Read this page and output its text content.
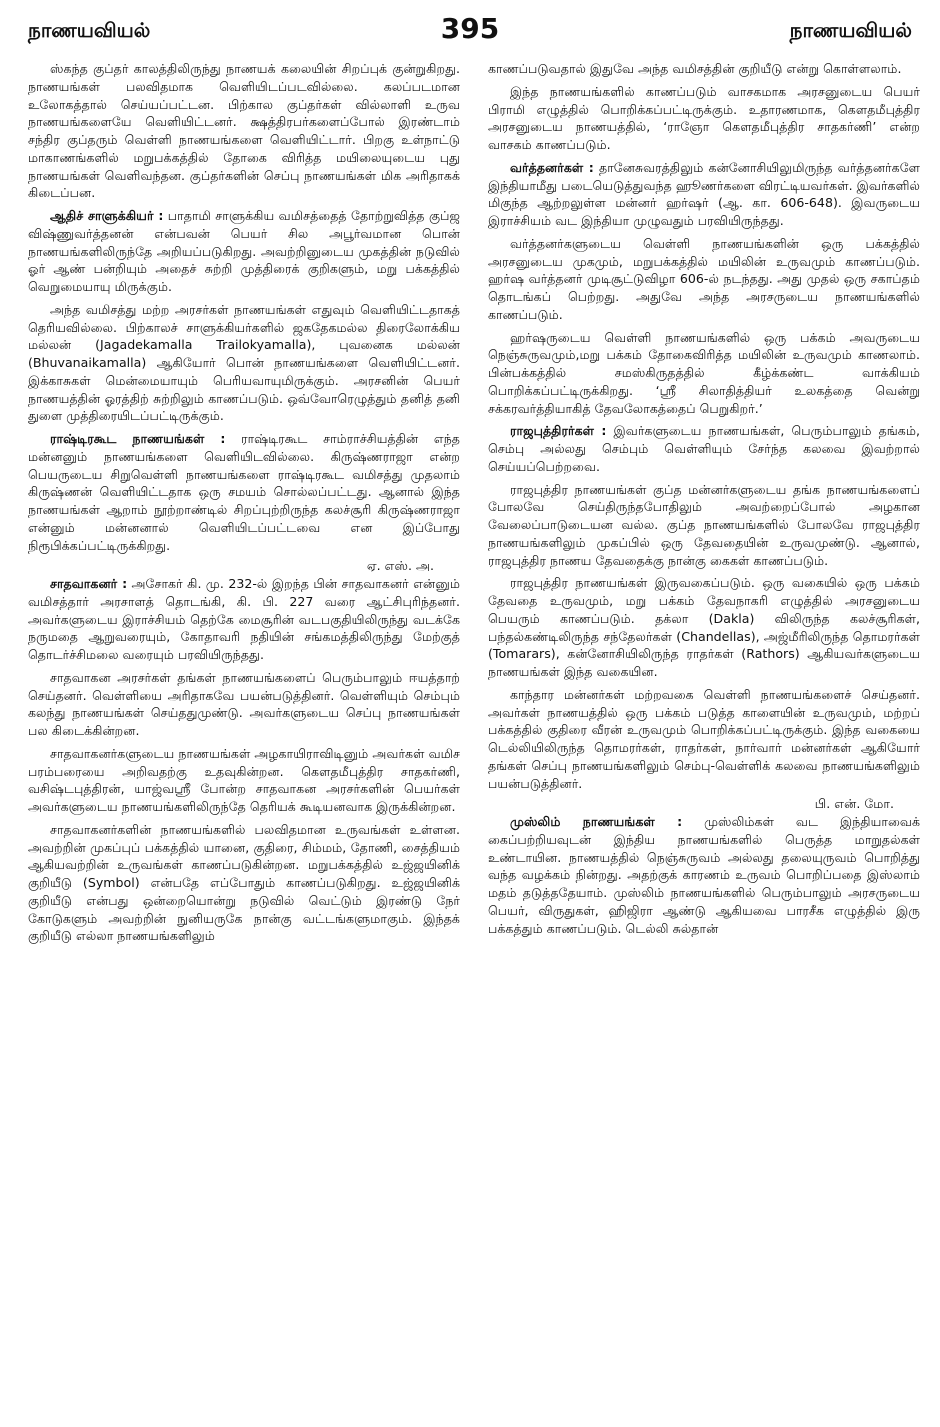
நாணயவியல்	395	நாணயவியல்

ஸ்கந்த குப்தர் காலத்திலிருந்து நாணயக் கலையின் சிறப்புக் குன்றுகிறது. நாணயங்கள் பலவிதமாக வெளியிடப்படவில்லை. கலப்படமான உலோகத்தால் செய்யப்பட்டன. பிற்கால குப்தர்கள் வில்லாளி உருவ நாணயங்களையே வெளியிட்டனர். க்ஷத்திரபர்களைப்போல் இரண்டாம் சந்திர குப்தரும் வெள்ளி நாணயங்களை வெளியிட்டார். பிறகு உள்நாட்டு மாகாணங்களில் மறுபக்கத்தில் தோகை விரித்த மயிலையுடைய புது நாணயங்கள் வெளிவந்தன. குப்தர்களின் செப்பு நாணயங்கள் மிக அரிதாகக் கிடைப்பன.

ஆதிச் சாளுக்கியர் : பாதாமி சாளுக்கிய வமிசத்தைத் தோற்றுவித்த குப்ஜ விஷ்ணுவர்த்தனன் என்பவன் பெயர் சில அபூர்வமான பொன் நாணயங்களிலிருந்தே அறியப்படுகிறது. அவற்றினுடைய முகத்தின் நடுவில் ஓர் ஆண் பன்றியும் அதைச் சுற்றி முத்திரைக் குறிகளும், மறு பக்கத்தில் வெறுமையாயு மிருக்கும்.

அந்த வமிசத்து மற்ற அரசர்கள் நாணயங்கள் எதுவும் வெளியிட்டதாகத் தெரியவில்லை. பிற்காலச் சாளுக்கியர்களில் ஜகதேகமல்ல திரைலோக்கிய மல்லன் (Jagadekamalla Trailokyamalla), புவனைக மல்லன் (Bhuvanaikamalla) ஆகியோர் பொன் நாணயங்களை வெளியிட்டனர். இக்காசுகள் மென்மையாயும் பெரியவாயுமிருக்கும். அரசனின் பெயர் நாணயத்தின் ஓரத்திற் சுற்றிலும் காணப்படும். ஒவ்வோரெழுத்தும் தனித் தனி துளை முத்திரையிடப்பட்டிருக்கும்.

ராஷ்டிரகூட நாணயங்கள் : ராஷ்டிரகூட சாம்ராச்சியத்தின் எந்த மன்னனும் நாணயங்களை வெளியிடவில்லை. கிருஷ்ணராஜா என்ற பெயருடைய சிறுவெள்ளி நாணயங்களை ராஷ்டிரகூட வமிசத்து முதலாம் கிருஷ்ணன் வெளியிட்டதாக ஒரு சமயம் சொல்லப்பட்டது. ஆனால் இந்த நாணயங்கள் ஆறாம் நூற்றாண்டில் சிறப்புற்றிருந்த கலச்சூரி கிருஷ்ணராஜா என்னும் மன்னனால் வெளியிடப்பட்டவை என இப்போது நிரூபிக்கப்பட்டிருக்கிறது.

ஏ. எஸ். அ.

சாதவாகனர் : அசோகர் கி. மு. 232-ல் இறந்த பின் சாதவாகனர் என்னும் வமிசத்தார் அரசாளத் தொடங்கி, கி. பி. 227 வரை ஆட்சிபுரிந்தனர். அவர்களுடைய இராச்சியம் தெற்கே மைசூரின் வடபகுதியிலிருந்து வடக்கே நருமதை ஆறுவரையும், கோதாவரி நதியின் சங்கமத்திலிருந்து மேற்குத் தொடர்ச்சிமலை வரையும் பரவியிருந்தது.

சாதவாகன அரசர்கள் தங்கள் நாணயங்களைப் பெரும்பாலும் ஈயத்தாற் செய்தனர். வெள்ளியை அரிதாகவே பயன்படுத்தினர். வெள்ளியும் செம்பும் கலந்து நாணயங்கள் செய்ததுமுண்டு. அவர்களுடைய செப்பு நாணயங்கள் பல கிடைக்கின்றன.

சாதவாகனர்களுடைய நாணயங்கள் அழகாயிராவிடினும் அவர்கள் வமிச பரம்பரையை அறிவதற்கு உதவுகின்றன. கௌதமீபுத்திர சாதகர்ணி, வசிஷ்டபுத்திரன், யாஜ்வஸ்ரீ போன்ற சாதவாகன அரசர்களின் பெயர்கள் அவர்களுடைய நாணயங்களிலிருந்தே தெரியக் கூடியனவாக இருக்கின்றன.

சாதவாகனர்களின் நாணயங்களில் பலவிதமான உருவங்கள் உள்ளன. அவற்றின் முகப்புப் பக்கத்தில் யானை, குதிரை, சிம்மம், தோணி, சைத்தியம் ஆகியவற்றின் உருவங்கள் காணப்படுகின்றன. மறுபக்கத்தில் உஜ்ஜயினிக் குறியீடு (Symbol) என்பதே எப்போதும் காணப்படுகிறது. உஜ்ஜயினிக் குறியீடு என்பது ஒன்றையொன்று நடுவில் வெட்டும் இரண்டு நேர் கோடுகளும் அவற்றின் நுனியருகே நான்கு வட்டங்களுமாகும். இந்தக் குறியீடு எல்லா நாணயங்களிலும்

காணப்படுவதால் இதுவே அந்த வமிசத்தின் குறியீடு என்று கொள்ளலாம்.

இந்த நாணயங்களில் காணப்படும் வாசகமாக அரசனுடைய பெயர் பிராமி எழுத்தில் பொறிக்கப்பட்டிருக்கும். உதாரணமாக, கௌதமீபுத்திர அரசனுடைய நாணயத்தில், ‘ராஞோ கௌதமீபுத்திர சாதகர்ணி’ என்ற வாசகம் காணப்படும்.

வர்த்தனர்கள் : தானேசுவரத்திலும் கன்னோசியிலுமிருந்த வர்த்தனர்களே இந்தியாமீது படையெடுத்துவந்த ஹூணர்களை விரட்டியவர்கள். இவர்களில் மிகுந்த ஆற்றலுள்ள மன்னர் ஹர்ஷர் (ஆ. கா. 606-648). இவருடைய இராச்சியம் வட இந்தியா முழுவதும் பரவியிருந்தது.

வர்த்தனர்களுடைய வெள்ளி நாணயங்களின் ஒரு பக்கத்தில் அரசனுடைய முகமும், மறுபக்கத்தில் மயிலின் உருவமும் காணப்படும். ஹர்ஷ வர்த்தனர் முடிசூட்டுவிழா 606-ல் நடந்தது. அது முதல் ஒரு சகாப்தம் தொடங்கப் பெற்றது. அதுவே அந்த அரசருடைய நாணயங்களில் காணப்படும்.

ஹர்ஷருடைய வெள்ளி நாணயங்களில் ஒரு பக்கம் அவருடைய நெஞ்சுருவமும்,மறு பக்கம் தோகைவிரித்த மயிலின் உருவமும் காணலாம். பின்பக்கத்தில் சமஸ்கிருதத்தில் கீழ்க்கண்ட வாக்கியம் பொறிக்கப்பட்டிருக்கிறது. ‘ஸ்ரீ சிலாதித்தியர் உலகத்தை வென்று சக்கரவர்த்தியாகித் தேவலோகத்தைப் பெறுகிறர்.’

ராஜபுத்திரர்கள் : இவர்களுடைய நாணயங்கள், பெரும்பாலும் தங்கம், செம்பு அல்லது செம்பும் வெள்ளியும் சேர்ந்த கலவை இவற்றால் செய்யப்பெற்றவை.

ராஜபுத்திர நாணயங்கள் குப்த மன்னர்களுடைய தங்க நாணயங்களைப் போலவே செய்திருந்தபோதிலும் அவற்றைப்போல் அழகான வேலைப்பாடுடையன வல்ல. குப்த நாணயங்களில் போலவே ராஜபுத்திர நாணயங்களிலும் முகப்பில் ஒரு தேவதையின் உருவமுண்டு. ஆனால், ராஜபுத்திர நாணய தேவதைக்கு நான்கு கைகள் காணப்படும்.

ராஜபுத்திர நாணயங்கள் இருவகைப்படும். ஒரு வகையில் ஒரு பக்கம் தேவதை உருவமும், மறு பக்கம் தேவநாகரி எழுத்தில் அரசனுடைய பெயரும் காணப்படும். தக்லா (Dakla) விலிருந்த கலச்சூரிகள், பந்தல்கண்டிலிருந்த சந்தேலர்கள் (Chandellas), அஜ்மீரிலிருந்த தொமரர்கள் (Tomarars), கன்னோசியிலிருந்த ராதர்கள் (Rathors) ஆகியவர்களுடைய நாணயங்கள் இந்த வகையின.

காந்தார மன்னர்கள் மற்றவகை வெள்ளி நாணயங்களைச் செய்தனர். அவர்கள் நாணயத்தில் ஒரு பக்கம் படுத்த காளையின் உருவமும், மற்றப் பக்கத்தில் குதிரை வீரன் உருவமும் பொறிக்கப்பட்டிருக்கும். இந்த வகையை டெல்லியிலிருந்த தொமரர்கள், ராதர்கள், நார்வார் மன்னர்கள் ஆகியோர் தங்கள் செப்பு நாணயங்களிலும் செம்பு-வெள்ளிக் கலவை நாணயங்களிலும் பயன்படுத்தினர்.

பி. என். மோ.

முஸ்லிம் நாணயங்கள் : முஸ்லிம்கள் வட இந்தியாவைக் கைப்பற்றியவுடன் இந்திய நாணயங்களில் பெருத்த மாறுதல்கள் உண்டாயின. நாணயத்தில் நெஞ்சுருவம் அல்லது தலையுருவம் பொறித்து வந்த வழக்கம் நின்றது. அதற்குக் காரணம் உருவம் பொறிப்பதை இஸ்லாம் மதம் தடுத்ததேயாம். முஸ்லிம் நாணயங்களில் பெரும்பாலும் அரசருடைய பெயர், விருதுகள், ஹிஜிரா ஆண்டு ஆகியவை பாரசீக எழுத்தில் இரு பக்கத்தும் காணப்படும். டெல்லி சுல்தான்
